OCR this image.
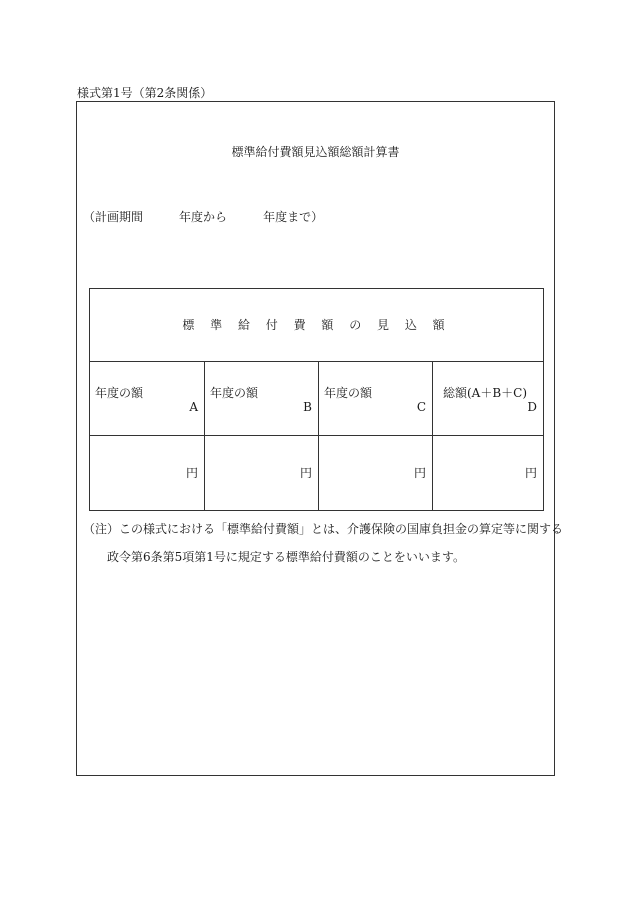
様式第1号（第2条関係）
標準給付費額見込額総額計算書
（計画期間　　　	年度から　　　	年度まで）
標 準 給 付 費 額 の 見 込 額
年度の額
A
円
年度の額
B
円
年度の額
C
円
総額(A＋B＋C)
D
円
（注）この様式における「標準給付費額」とは、介護保険の国庫負担金の算定等に関する
政令第6条第5項第1号に規定する標準給付費額のことをいいます。
